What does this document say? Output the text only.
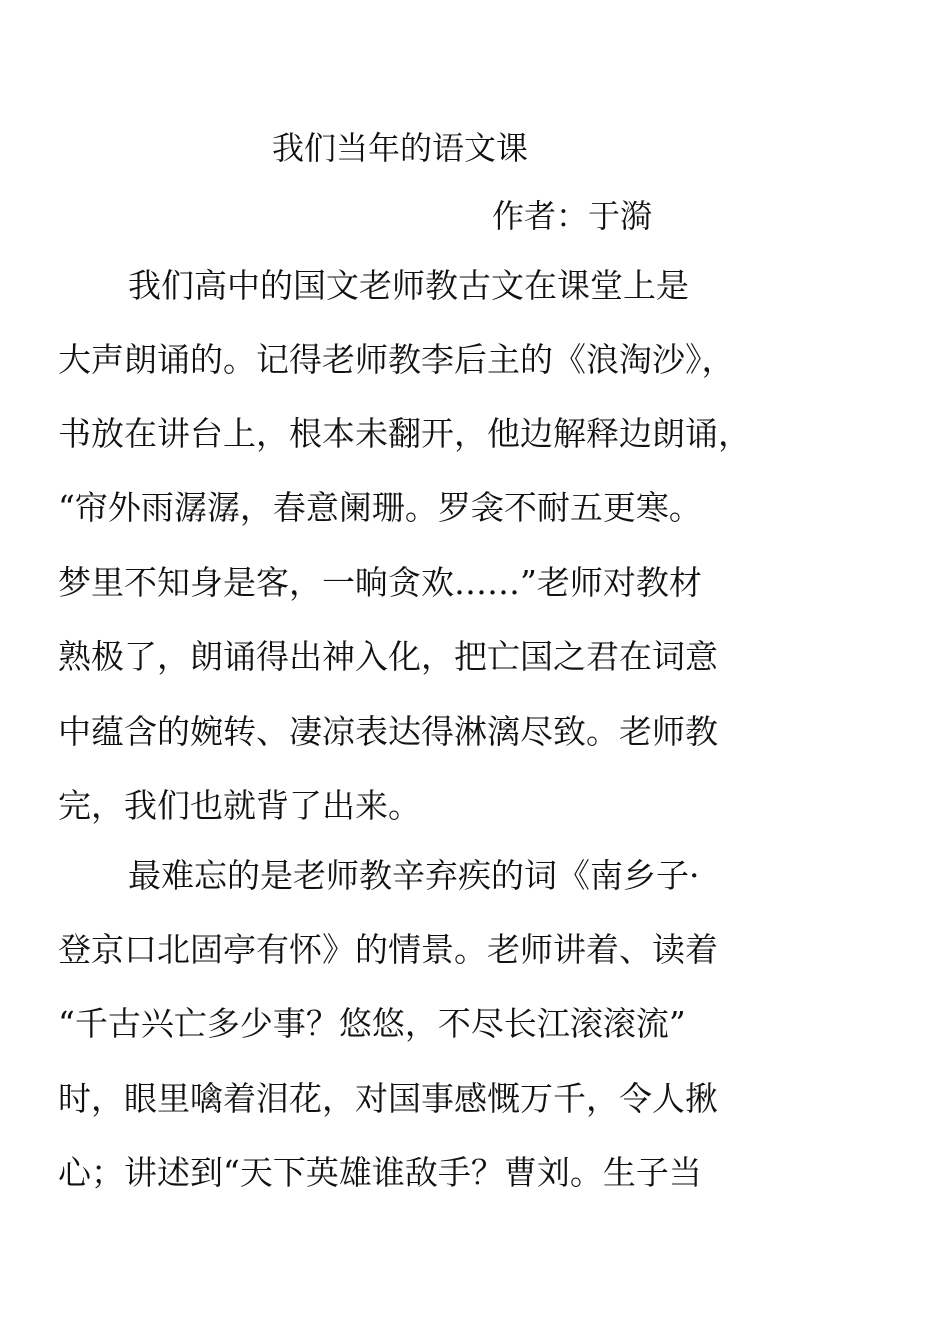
我们当年的语文课
作者：于漪
我们高中的国文老师教古文在课堂上是
大声朗诵的。记得老师教李后主的《浪淘沙》，
书放在讲台上，根本未翻开，他边解释边朗诵，
“帘外雨潺潺，春意阑珊。罗衾不耐五更寒。
梦里不知身是客，一晌贪欢……”老师对教材
熟极了，朗诵得出神入化，把亡国之君在词意
中蕴含的婉转、凄凉表达得淋漓尽致。老师教
完，我们也就背了出来。
最难忘的是老师教辛弃疾的词《南乡子·
登京口北固亭有怀》的情景。老师讲着、读着
“千古兴亡多少事？悠悠，不尽长江滚滚流”
时，眼里噙着泪花，对国事感慨万千，令人揪
心；讲述到“天下英雄谁敌手？曹刘。生子当
